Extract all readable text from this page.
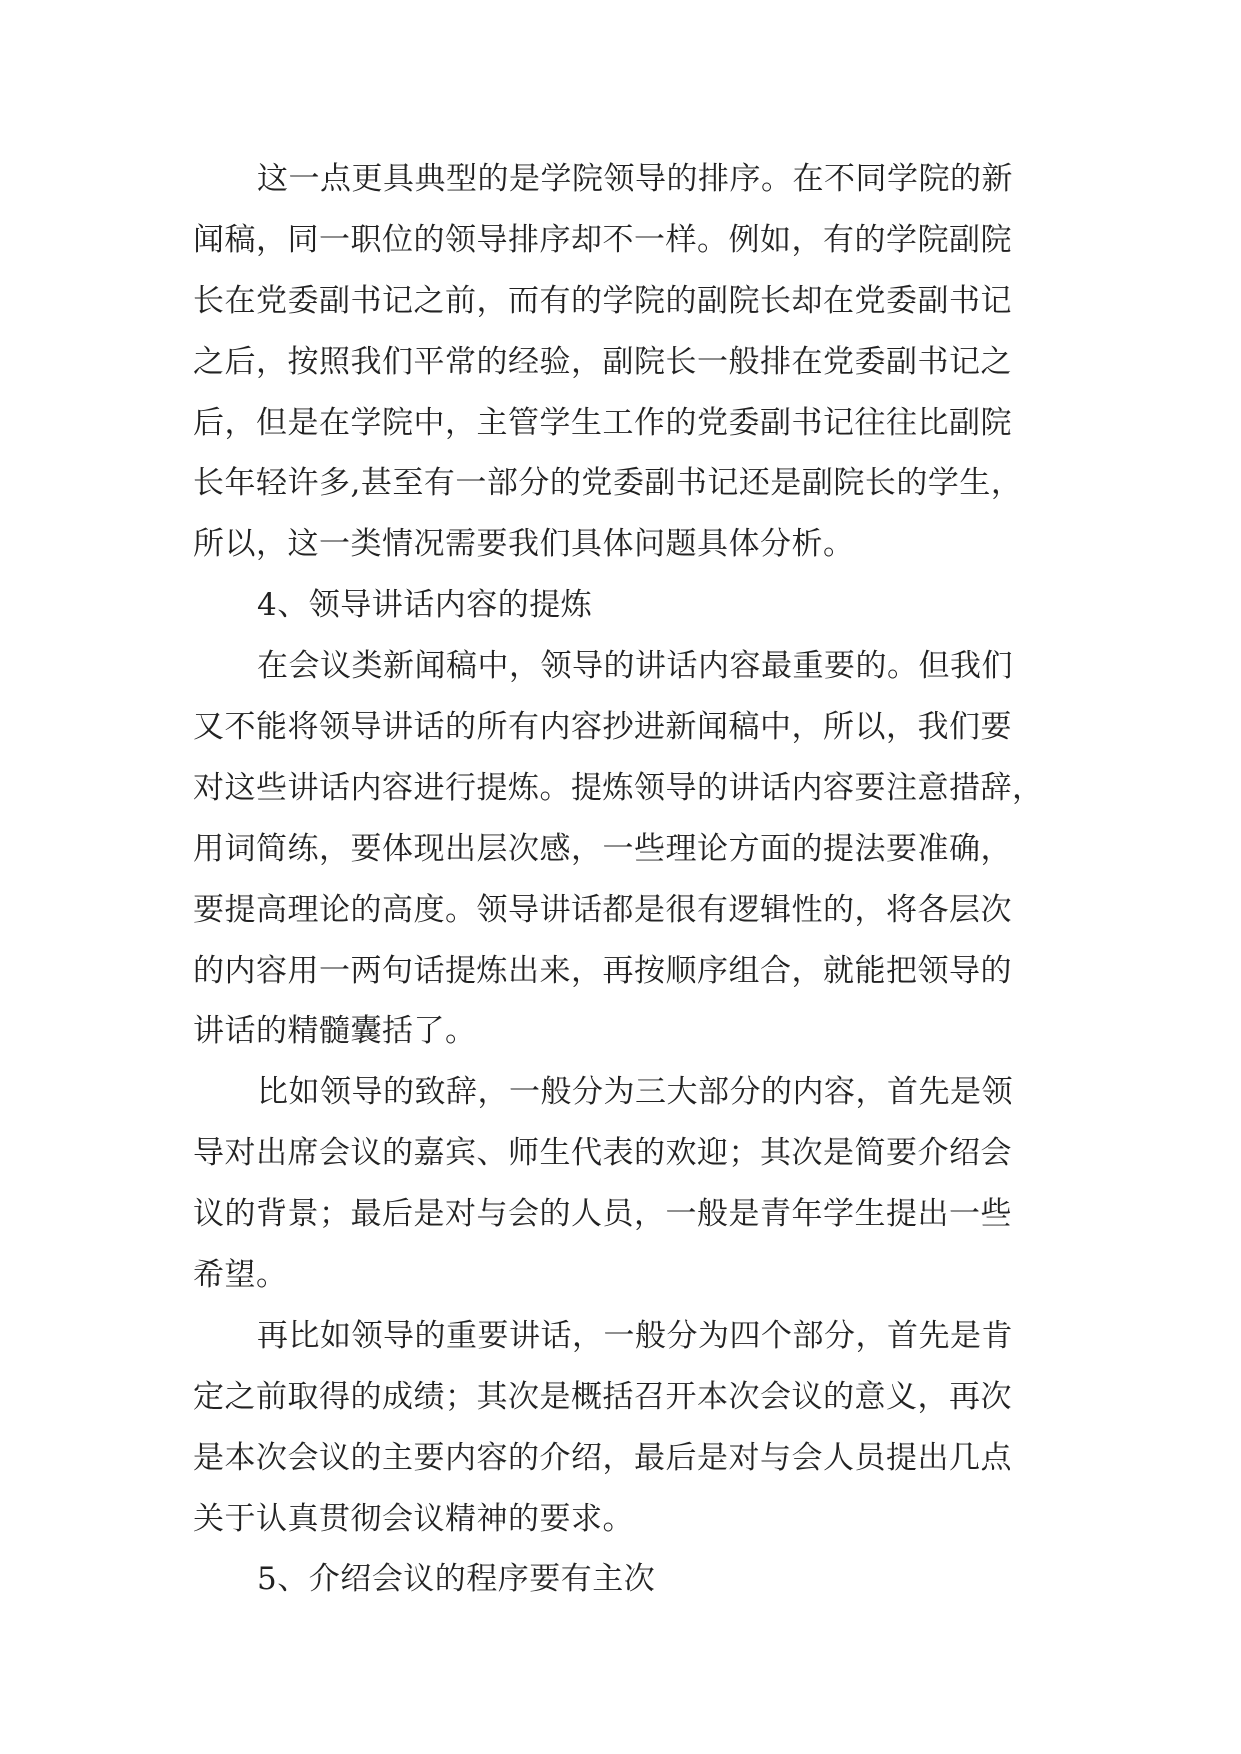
这一点更具典型的是学院领导的排序。在不同学院的新
闻稿，同一职位的领导排序却不一样。例如，有的学院副院
长在党委副书记之前，而有的学院的副院长却在党委副书记
之后，按照我们平常的经验，副院长一般排在党委副书记之
后，但是在学院中，主管学生工作的党委副书记往往比副院
长年轻许多,甚至有一部分的党委副书记还是副院长的学生，
所以，这一类情况需要我们具体问题具体分析。
4、领导讲话内容的提炼
在会议类新闻稿中，领导的讲话内容最重要的。但我们
又不能将领导讲话的所有内容抄进新闻稿中，所以，我们要
对这些讲话内容进行提炼。提炼领导的讲话内容要注意措辞，
用词简练，要体现出层次感，一些理论方面的提法要准确，
要提高理论的高度。领导讲话都是很有逻辑性的，将各层次
的内容用一两句话提炼出来，再按顺序组合，就能把领导的
讲话的精髓囊括了。
比如领导的致辞，一般分为三大部分的内容，首先是领
导对出席会议的嘉宾、师生代表的欢迎；其次是简要介绍会
议的背景；最后是对与会的人员，一般是青年学生提出一些
希望。
再比如领导的重要讲话，一般分为四个部分，首先是肯
定之前取得的成绩；其次是概括召开本次会议的意义，再次
是本次会议的主要内容的介绍，最后是对与会人员提出几点
关于认真贯彻会议精神的要求。
5、介绍会议的程序要有主次
